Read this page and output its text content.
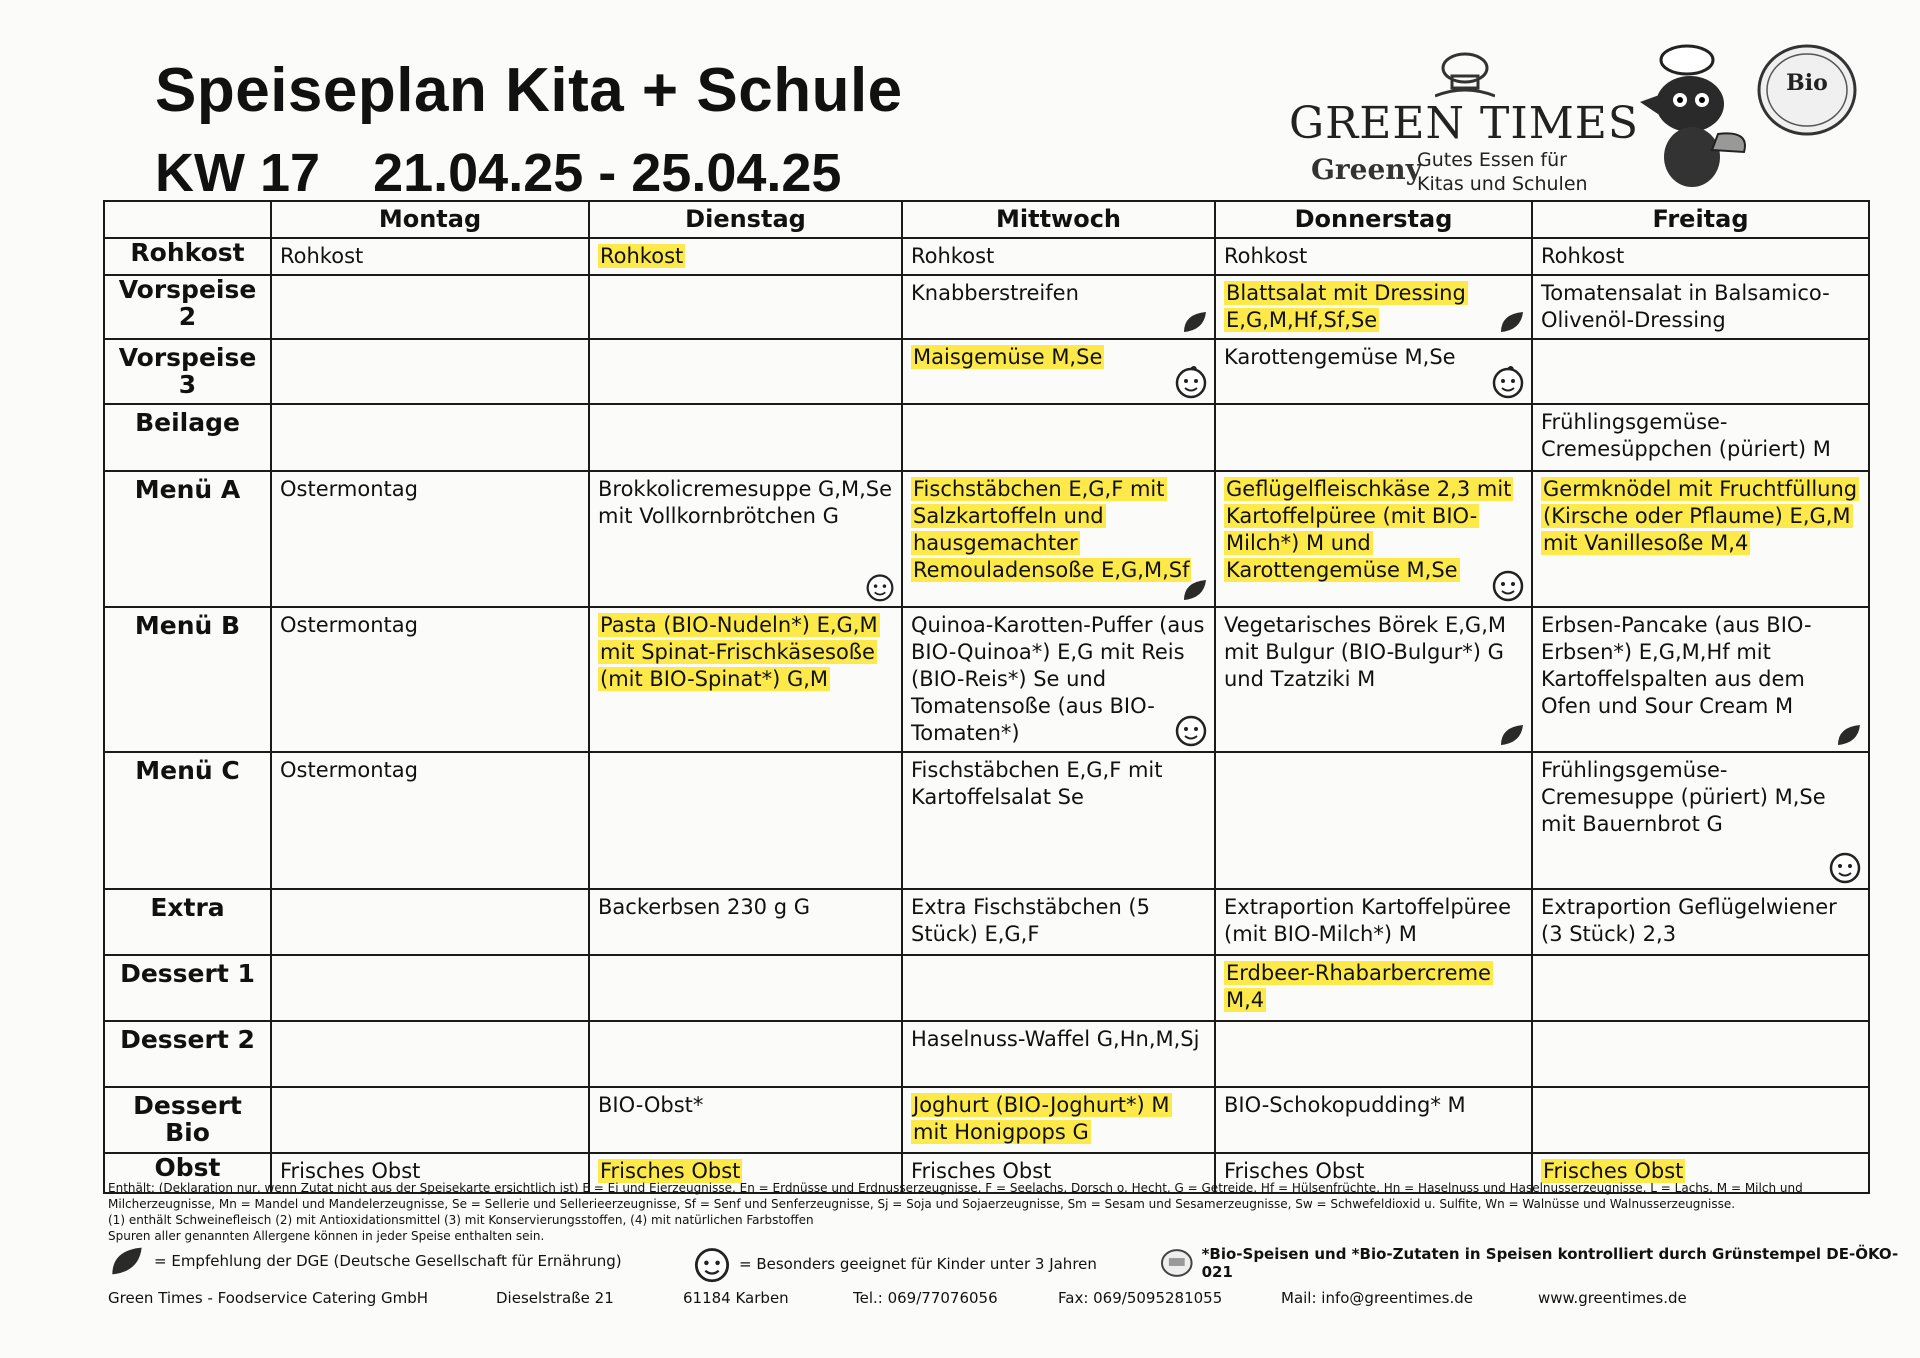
Speiseplan Kita + Schule
KW 17 21.04.25 - 25.04.25
GREEN TIMES
Greeny
Gutes Essen für
Kitas und Schulen
Bio
	Montag	Dienstag	Mittwoch	Donnerstag	Freitag
Rohkost	Rohkost	Rohkost	Rohkost	Rohkost	Rohkost
Vorspeise 2			Knabberstreifen	Blattsalat mit Dressing E,G,M,Hf,Sf,Se	Tomatensalat in Balsamico-Olivenöl-Dressing
Vorspeise 3			Maisgemüse M,Se	Karottengemüse M,Se

Beilage					Frühlingsgemüse-Cremesüppchen (püriert) M
Menü A	Ostermontag	Brokkolicremesuppe G,M,Se mit Vollkornbrötchen G	Fischstäbchen E,G,F mit Salzkartoffeln und hausgemachter Remouladensoße E,G,M,Sf	Geflügelfleischkäse 2,3 mit Kartoffelpüree (mit BIO-Milch*) M und Karottengemüse M,Se	Germknödel mit Fruchtfüllung (Kirsche oder Pflaume) E,G,M mit Vanillesoße M,4
Menü B	Ostermontag	Pasta (BIO-Nudeln*) E,G,M mit Spinat-Frischkäsesoße (mit BIO-Spinat*) G,M	Quinoa-Karotten-Puffer (aus BIO-Quinoa*) E,G mit Reis (BIO-Reis*) Se und Tomatensoße (aus BIO-Tomaten*)	Vegetarisches Börek E,G,M mit Bulgur (BIO-Bulgur*) G und Tzatziki M	Erbsen-Pancake (aus BIO-Erbsen*) E,G,M,Hf mit Kartoffelspalten aus dem Ofen und Sour Cream M

Menü C	Ostermontag		Fischstäbchen E,G,F mit Kartoffelsalat Se		Frühlingsgemüse-Cremesuppe (püriert) M,Se mit Bauernbrot G

Extra		Backerbsen 230 g G	Extra Fischstäbchen (5 Stück) E,G,F	Extraportion Kartoffelpüree (mit BIO-Milch*) M	Extraportion Geflügelwiener (3 Stück) 2,3
Dessert 1				Erdbeer-Rhabarbercreme M,4	
Dessert 2			Haselnuss-Waffel G,Hn,M,Sj		
Dessert Bio		BIO-Obst*	Joghurt (BIO-Joghurt*) M mit Honigpops G	BIO-Schokopudding* M	
Obst	Frisches Obst	Frisches Obst	Frisches Obst	Frisches Obst	Frisches Obst
Enthält: (Deklaration nur, wenn Zutat nicht aus der Speisekarte ersichtlich ist) E = Ei und Eierzeugnisse, En = Erdnüsse und Erdnusserzeugnisse, F = Seelachs, Dorsch o. Hecht, G = Getreide, Hf = Hülsenfrüchte, Hn = Haselnuss und Haselnusserzeugnisse, L = Lachs, M = Milch und Milcherzeugnisse, Mn = Mandel und Mandelerzeugnisse, Se = Sellerie und Sellerieerzeugnisse, Sf = Senf und Senferzeugnisse, Sj = Soja und Sojaerzeugnisse, Sm = Sesam und Sesamerzeugnisse, Sw = Schwefeldioxid u. Sulfite, Wn = Walnüsse und Walnusserzeugnisse.
(1) enthält Schweinefleisch (2) mit Antioxidationsmittel (3) mit Konservierungsstoffen, (4) mit natürlichen Farbstoffen
Spuren aller genannten Allergene können in jeder Speise enthalten sein.
= Empfehlung der DGE (Deutsche Gesellschaft für Ernährung)	= Besonders geeignet für Kinder unter 3 Jahren
*Bio-Speisen und *Bio-Zutaten in Speisen kontrolliert durch Grünstempel DE-ÖKO-021
Green Times - Foodservice Catering GmbH	Dieselstraße 21	61184 Karben	Tel.: 069/77076056	Fax: 069/5095281055	Mail: info@greentimes.de	www.greentimes.de
